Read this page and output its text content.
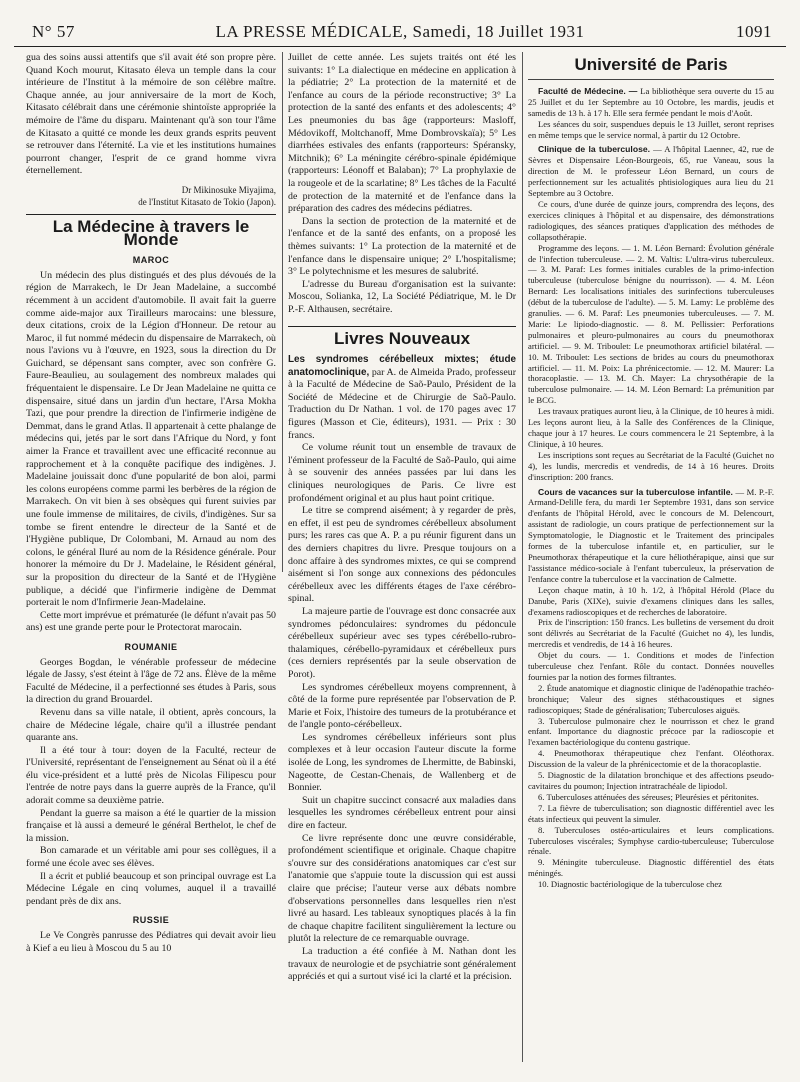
N° 57	LA PRESSE MÉDICALE, Samedi, 18 Juillet 1931	1091

gua des soins aussi attentifs que s'il avait été son propre père. Quand Koch mourut, Kitasato éleva un temple dans la cour intérieure de l'Institut à la mémoire de son célèbre maître. Chaque année, au jour anniversaire de la mort de Koch, Kitasato célébrait dans une cérémonie shintoïste appropriée la mémoire de l'âme du disparu. Maintenant qu'à son tour l'âme de Kitasato a quitté ce monde les deux grands esprits peuvent se retrouver dans l'éternité. La vie et les institutions humaines pourront changer, l'esprit de ce grand homme vivra éternellement.

Dr Mikinosuke Miyajima,
de l'Institut Kitasato de Tokio (Japon).
La Médecine à travers le Monde
MAROC

Un médecin des plus distingués et des plus dévoués de la région de Marrakech, le Dr Jean Madelaine, a succombé récemment à un accident d'automobile. Il avait fait la guerre comme aide-major aux Tirailleurs marocains: une blessure, deux citations, croix de la Légion d'Honneur. De retour au Maroc, il fut nommé médecin du dispensaire de Marrakech, où nous l'avions vu à l'œuvre, en 1923, sous la direction du Dr Guichard, se dépensant sans compter, avec son confrère G. Faure-Beaulieu, au soulagement des nombreux malades qui fréquentaient le dispensaire. Le Dr Jean Madelaine ne quitta ce dispensaire, situé dans un jardin d'un hectare, l'Arsa Mokha Tazi, que pour prendre la direction de l'infirmerie indigène de Demmat, dans le grand Atlas. Il appartenait à cette phalange de médecins qui, jetés par le sort dans l'Afrique du Nord, y font aimer la France et travaillent avec une efficacité reconnue au rapprochement et à la conquête pacifique des indigènes. J. Madelaine jouissait donc d'une popularité de bon aloi, parmi les colons européens comme parmi les berbères de la région de Marrakech. On vit bien à ses obsèques qui furent suivies par une foule immense de militaires, de civils, d'indigènes. Sur sa tombe se firent entendre le directeur de la Santé et de l'Hygiène publique, Dr Colombani, M. Arnaud au nom des colons, le général Iluré au nom de la Résidence générale. Pour honorer la mémoire du Dr J. Madelaine, le Résident général, sur la proposition du directeur de la Santé et de l'Hygiène publique, a décidé que l'infirmerie indigène de Demmat porterait le nom d'Infirmerie Jean-Madelaine.

Cette mort imprévue et prématurée (le défunt n'avait pas 50 ans) est une grande perte pour le Protectorat marocain.

ROUMANIE

Georges Bogdan, le vénérable professeur de médecine légale de Jassy, s'est éteint à l'âge de 72 ans. Élève de la même Faculté de Médecine, il a perfectionné ses études à Paris, sous la direction du grand Brouardel.

Revenu dans sa ville natale, il obtient, après concours, la chaire de Médecine légale, chaire qu'il a illustrée pendant quarante ans.

Il a été tour à tour: doyen de la Faculté, recteur de l'Université, représentant de l'enseignement au Sénat où il a été élu vice-président et a lutté près de Nicolas Filipescu pour l'entrée de notre pays dans la guerre auprès de la France, qu'il adorait comme sa deuxième patrie.

Pendant la guerre sa maison a été le quartier de la mission française et là aussi a demeuré le général Berthelot, le chef de la mission.

Bon camarade et un véritable ami pour ses collègues, il a formé une école avec ses élèves.

Il a écrit et publié beaucoup et son principal ouvrage est La Médecine Légale en cinq volumes, auquel il a travaillé pendant près de dix ans.

RUSSIE

Le Ve Congrès panrusse des Pédiatres qui devait avoir lieu à Kief a eu lieu à Moscou du 5 au 10

Juillet de cette année. Les sujets traités ont été les suivants: 1° La dialectique en médecine en application à la pédiatrie; 2° La protection de la maternité et de l'enfance au cours de la période reconstructive; 3° La protection de la santé des enfants et des adolescents; 4° Les pneumonies du bas âge (rapporteurs: Masloff, Médovikoff, Moltchanoff, Mme Dombrovskaïa); 5° Les diarrhées estivales des enfants (rapporteurs: Spéransky, Mitchnik); 6° La méningite cérébro-spinale épidémique (rapporteurs: Léonoff et Balaban); 7° La prophylaxie de la rougeole et de la scarlatine; 8° Les tâches de la Faculté de protection de la maternité et de l'enfance dans la préparation des cadres des médecins pédiatres.

Dans la section de protection de la maternité et de l'enfance et de la santé des enfants, on a proposé les thèmes suivants: 1° La protection de la maternité et de l'enfance dans le dispensaire unique; 2° L'hospitalisme; 3° Le polytechnisme et les mesures de salubrité.

L'adresse du Bureau d'organisation est la suivante: Moscou, Solianka, 12, La Société Pédiatrique, M. le Dr P.-F. Althausen, secrétaire.

Livres Nouveaux

Les syndromes cérébelleux mixtes; étude anatomoclinique, par A. de Almeida Prado, professeur à la Faculté de Médecine de Saõ-Paulo, Président de la Société de Médecine et de Chirurgie de Saõ-Paulo. Traduction du Dr Nathan. 1 vol. de 170 pages avec 17 figures (Masson et Cie, éditeurs), 1931. — Prix : 30 francs.

Ce volume réunit tout un ensemble de travaux de l'éminent professeur de la Faculté de Saõ-Paulo, qui aime à se souvenir des années passées par lui dans les cliniques neurologiques de Paris. Ce livre est profondément original et au plus haut point critique.

Le titre se comprend aisément; à y regarder de près, en effet, il est peu de syndromes cérébelleux absolument purs; les rares cas que A. P. a pu réunir figurent dans un des derniers chapitres du livre. Presque toujours on a donc affaire à des syndromes mixtes, ce qui se comprend aisément si l'on songe aux connexions des pédoncules cérébelleux avec les différents étages de l'axe cérébro-spinal.

La majeure partie de l'ouvrage est donc consacrée aux syndromes pédonculaires: syndromes du pédoncule cérébelleux supérieur avec ses types cérébello-rubro-thalamiques, cérébello-pyramidaux et cérébelleux purs (ces derniers représentés par la seule observation de Porot).

Les syndromes cérébelleux moyens comprennent, à côté de la forme pure représentée par l'observation de P. Marie et Foix, l'histoire des tumeurs de la protubérance et de l'angle ponto-cérébelleux.

Les syndromes cérébelleux inférieurs sont plus complexes et à leur occasion l'auteur discute la forme isolée de Long, les syndromes de Lhermitte, de Babinski, Nageotte, de Cestan-Chenais, de Wallenberg et de Bonnier.

Suit un chapitre succinct consacré aux maladies dans lesquelles les syndromes cérébelleux entrent pour ainsi dire en facteur.

Ce livre représente donc une œuvre considérable, profondément scientifique et originale. Chaque chapitre s'ouvre sur des considérations anatomiques car c'est sur l'anatomie que s'appuie toute la discussion qui est aussi claire que précise; l'auteur verse aux débats nombre d'observations personnelles dans lesquelles rien n'est livré au hasard. Les tableaux synoptiques placés à la fin de chaque chapitre facilitent singulièrement la lecture ou plutôt la relecture de ce remarquable ouvrage.

La traduction a été confiée à M. Nathan dont les travaux de neurologie et de psychiatrie sont généralement appréciés et qui a surtout visé ici la clarté et la précision.

Université de Paris

Faculté de Médecine. — La bibliothèque sera ouverte du 15 au 25 Juillet et du 1er Septembre au 10 Octobre, les mardis, jeudis et samedis de 13 h. à 17 h. Elle sera fermée pendant le mois d'Août.

Les séances du soir, suspendues depuis le 13 Juillet, seront reprises en même temps que le service normal, à partir du 12 Octobre.

Clinique de la tuberculose. — A l'hôpital Laennec, 42, rue de Sèvres et Dispensaire Léon-Bourgeois, 65, rue Vaneau, sous la direction de M. le professeur Léon Bernard, un cours de perfectionnement sur les actualités phtisiologiques aura lieu du 21 Septembre au 3 Octobre.

Ce cours, d'une durée de quinze jours, comprendra des leçons, des exercices cliniques à l'hôpital et au dispensaire, des démonstrations radiologiques, des séances pratiques d'application des méthodes de collapsothérapie.

Programme des leçons. — 1. M. Léon Bernard: Évolution générale de l'infection tuberculeuse. — 2. M. Valtis: L'ultra-virus tuberculeux. — 3. M. Paraf: Les formes initiales curables de la primo-infection tuberculeuse (tuberculose bénigne du nourrisson). — 4. M. Léon Bernard: Les localisations initiales des surinfections tuberculeuses (début de la tuberculose de l'adulte). — 5. M. Lamy: Le problème des granulies. — 6. M. Paraf: Les pneumonies tuberculeuses. — 7. M. Marie: Le lipiodo-diagnostic. — 8. M. Pellissier: Perforations pulmonaires et pleuro-pulmonaires au cours du pneumothorax artificiel. — 9. M. Triboulet: Le pneumothorax artificiel bilatéral. — 10. M. Triboulet: Les sections de brides au cours du pneumothorax artificiel. — 11. M. Poix: La phrénicectomie. — 12. M. Maurer: La thoracoplastie. — 13. M. Ch. Mayer: La chrysothérapie de la tuberculose pulmonaire. — 14. M. Léon Bernard: La prémunition par le BCG.

Les travaux pratiques auront lieu, à la Clinique, de 10 heures à midi. Les leçons auront lieu, à la Salle des Conférences de la Clinique, chaque jour à 17 heures. Le cours commencera le 21 Septembre, à la Clinique, à 10 heures.

Les inscriptions sont reçues au Secrétariat de la Faculté (Guichet no 4), les lundis, mercredis et vendredis, de 14 à 16 heures. Droits d'inscription: 200 francs.

Cours de vacances sur la tuberculose infantile. — M. P.-F. Armand-Delille fera, du mardi 1er Septembre 1931, dans son service d'enfants de l'hôpital Hérold, avec le concours de M. Delencourt, assistant de radiologie, un cours pratique de perfectionnement sur la Symptomatologie, le Diagnostic et le Traitement des principales formes de la tuberculose infantile et, en particulier, sur le Pneumothorax thérapeutique et la cure héliothérapique, ainsi que sur l'assistance médico-sociale à l'enfant tuberculeux, la préservation de l'enfance contre la tuberculose et la vaccination de Calmette.

Leçon chaque matin, à 10 h. 1/2, à l'hôpital Hérold (Place du Danube, Paris (XIXe), suivie d'examens cliniques dans les salles, d'examens radioscopiques et de recherches de laboratoire.

Prix de l'inscription: 150 francs. Les bulletins de versement du droit sont délivrés au Secrétariat de la Faculté (Guichet no 4), les lundis, mercredis et vendredis, de 14 à 16 heures.

Objet du cours. — 1. Conditions et modes de l'infection tuberculeuse chez l'enfant. Rôle du contact. Données nouvelles fournies par la notion des formes filtrantes.

2. Étude anatomique et diagnostic clinique de l'adénopathie trachéo-bronchique; Valeur des signes stéthacoustiques et signes radioscopiques; Stade de généralisation; Tuberculoses aiguës.

3. Tuberculose pulmonaire chez le nourrisson et chez le grand enfant. Importance du diagnostic précoce par la radioscopie et l'examen bactériologique du contenu gastrique.

4. Pneumothorax thérapeutique chez l'enfant. Oléothorax. Discussion de la valeur de la phrénicectomie et de la thoracoplastie.

5. Diagnostic de la dilatation bronchique et des affections pseudo-cavitaires du poumon; Injection intratrachéale de lipiodol.

6. Tuberculoses atténuées des séreuses; Pleurésies et péritonites.

7. La fièvre de tuberculisation; son diagnostic différentiel avec les états infectieux qui peuvent la simuler.

8. Tuberculoses ostéo-articulaires et leurs complications. Tuberculoses viscérales; Symphyse cardio-tuberculeuse; Tuberculose rénale.

9. Méningite tuberculeuse. Diagnostic différentiel des états méningés.

10. Diagnostic bactériologique de la tuberculose chez
